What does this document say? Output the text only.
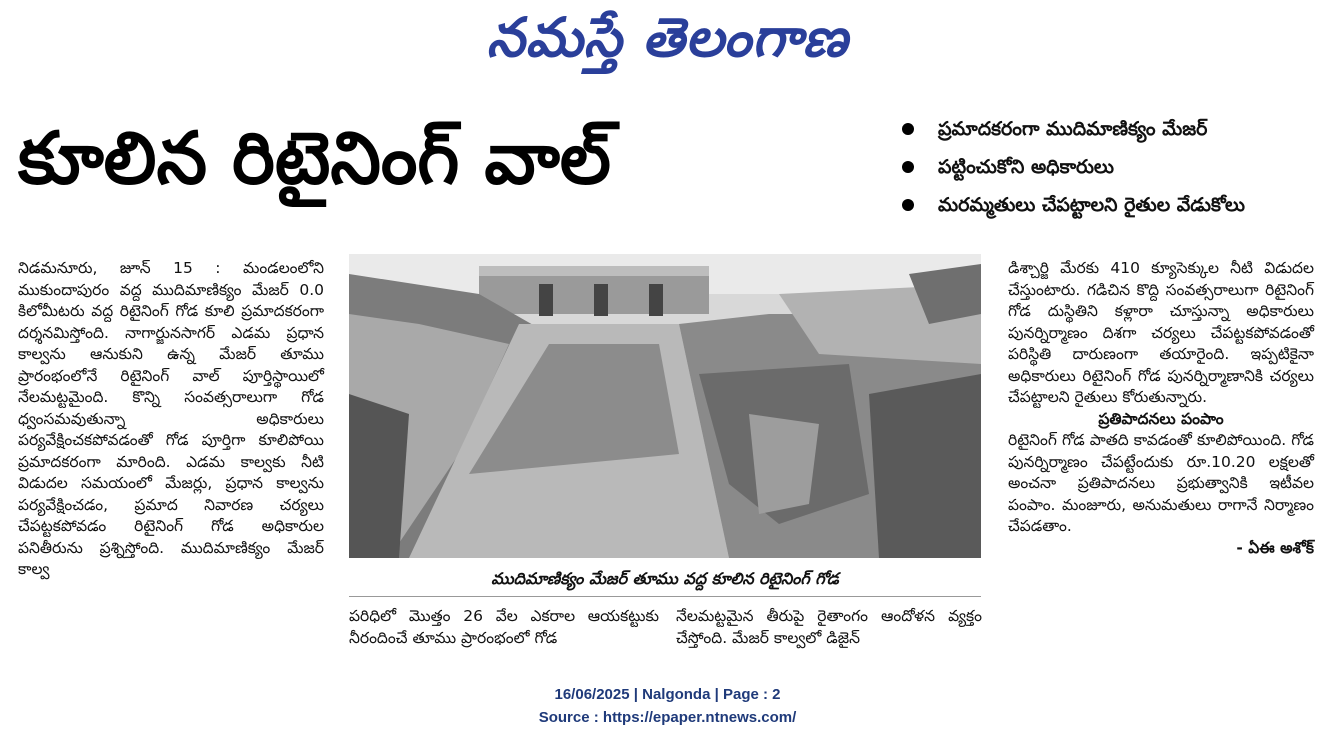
నమస్తే తెలంగాణ
కూలిన రిటైనింగ్ వాల్	ప్రమాదకరంగా ముదిమాణిక్యం మేజర్
పట్టించుకోని అధికారులు
మరమ్మతులు చేపట్టాలని రైతుల వేడుకోలు

నిడమనూరు, జూన్ 15 : మండలంలోని ముకుందాపురం వద్ద ముదిమాణిక్యం మేజర్ 0.0 కిలోమీటరు వద్ద రిటైనింగ్ గోడ కూలి ప్రమాదకరంగా దర్శనమిస్తోంది. నాగార్జునసాగర్ ఎడమ ప్రధాన కాల్వను ఆనుకుని ఉన్న మేజర్ తూము ప్రారంభంలోనే రిటైనింగ్ వాల్ పూర్తిస్థాయిలో నేలమట్టమైంది. కొన్ని సంవత్సరాలుగా గోడ ధ్వంసమవుతున్నా అధికారులు పర్యవేక్షించకపోవడంతో గోడ పూర్తిగా కూలిపోయి ప్రమాదకరంగా మారింది. ఎడమ కాల్వకు నీటి విడుదల సమయంలో మేజర్లు, ప్రధాన కాల్వను పర్యవేక్షించడం, ప్రమాద నివారణ చర్యలు చేపట్టకపోవడం రిటైనింగ్ గోడ అధికారుల పనితీరును ప్రశ్నిస్తోంది. ముదిమాణిక్యం మేజర్ కాల్వ	ముదిమాణిక్యం మేజర్ తూము వద్ద కూలిన రిటైనింగ్ గోడ

పరిధిలో మొత్తం 26 వేల ఎకరాల ఆయకట్టుకు నీరందించే తూము ప్రారంభంలో గోడ

నేలమట్టమైన తీరుపై రైతాంగం ఆందోళన వ్యక్తం చేస్తోంది. మేజర్ కాల్వలో డిజైన్

డిశ్చార్జి మేరకు 410 క్యూసెక్కుల నీటి విడుదల చేస్తుంటారు. గడిచిన కొద్ది సంవత్సరాలుగా రిటైనింగ్ గోడ దుస్థితిని కళ్లారా చూస్తున్నా అధికారులు పునర్నిర్మాణం దిశగా చర్యలు చేపట్టకపోవడంతో పరిస్థితి దారుణంగా తయారైంది. ఇప్పటికైనా అధికారులు రిటైనింగ్ గోడ పునర్నిర్మాణానికి చర్యలు చేపట్టాలని రైతులు కోరుతున్నారు.

ప్రతిపాదనలు పంపాం

రిటైనింగ్ గోడ పాతది కావడంతో కూలిపోయింది. గోడ పునర్నిర్మాణం చేపట్టేందుకు రూ.10.20 లక్షలతో అంచనా ప్రతిపాదనలు ప్రభుత్వానికి ఇటీవల పంపాం. మంజూరు, అనుమతులు రాగానే నిర్మాణం చేపడతాం.

- ఏఈ అశోక్

16/06/2025 | Nalgonda | Page : 2
Source : https://epaper.ntnews.com/
